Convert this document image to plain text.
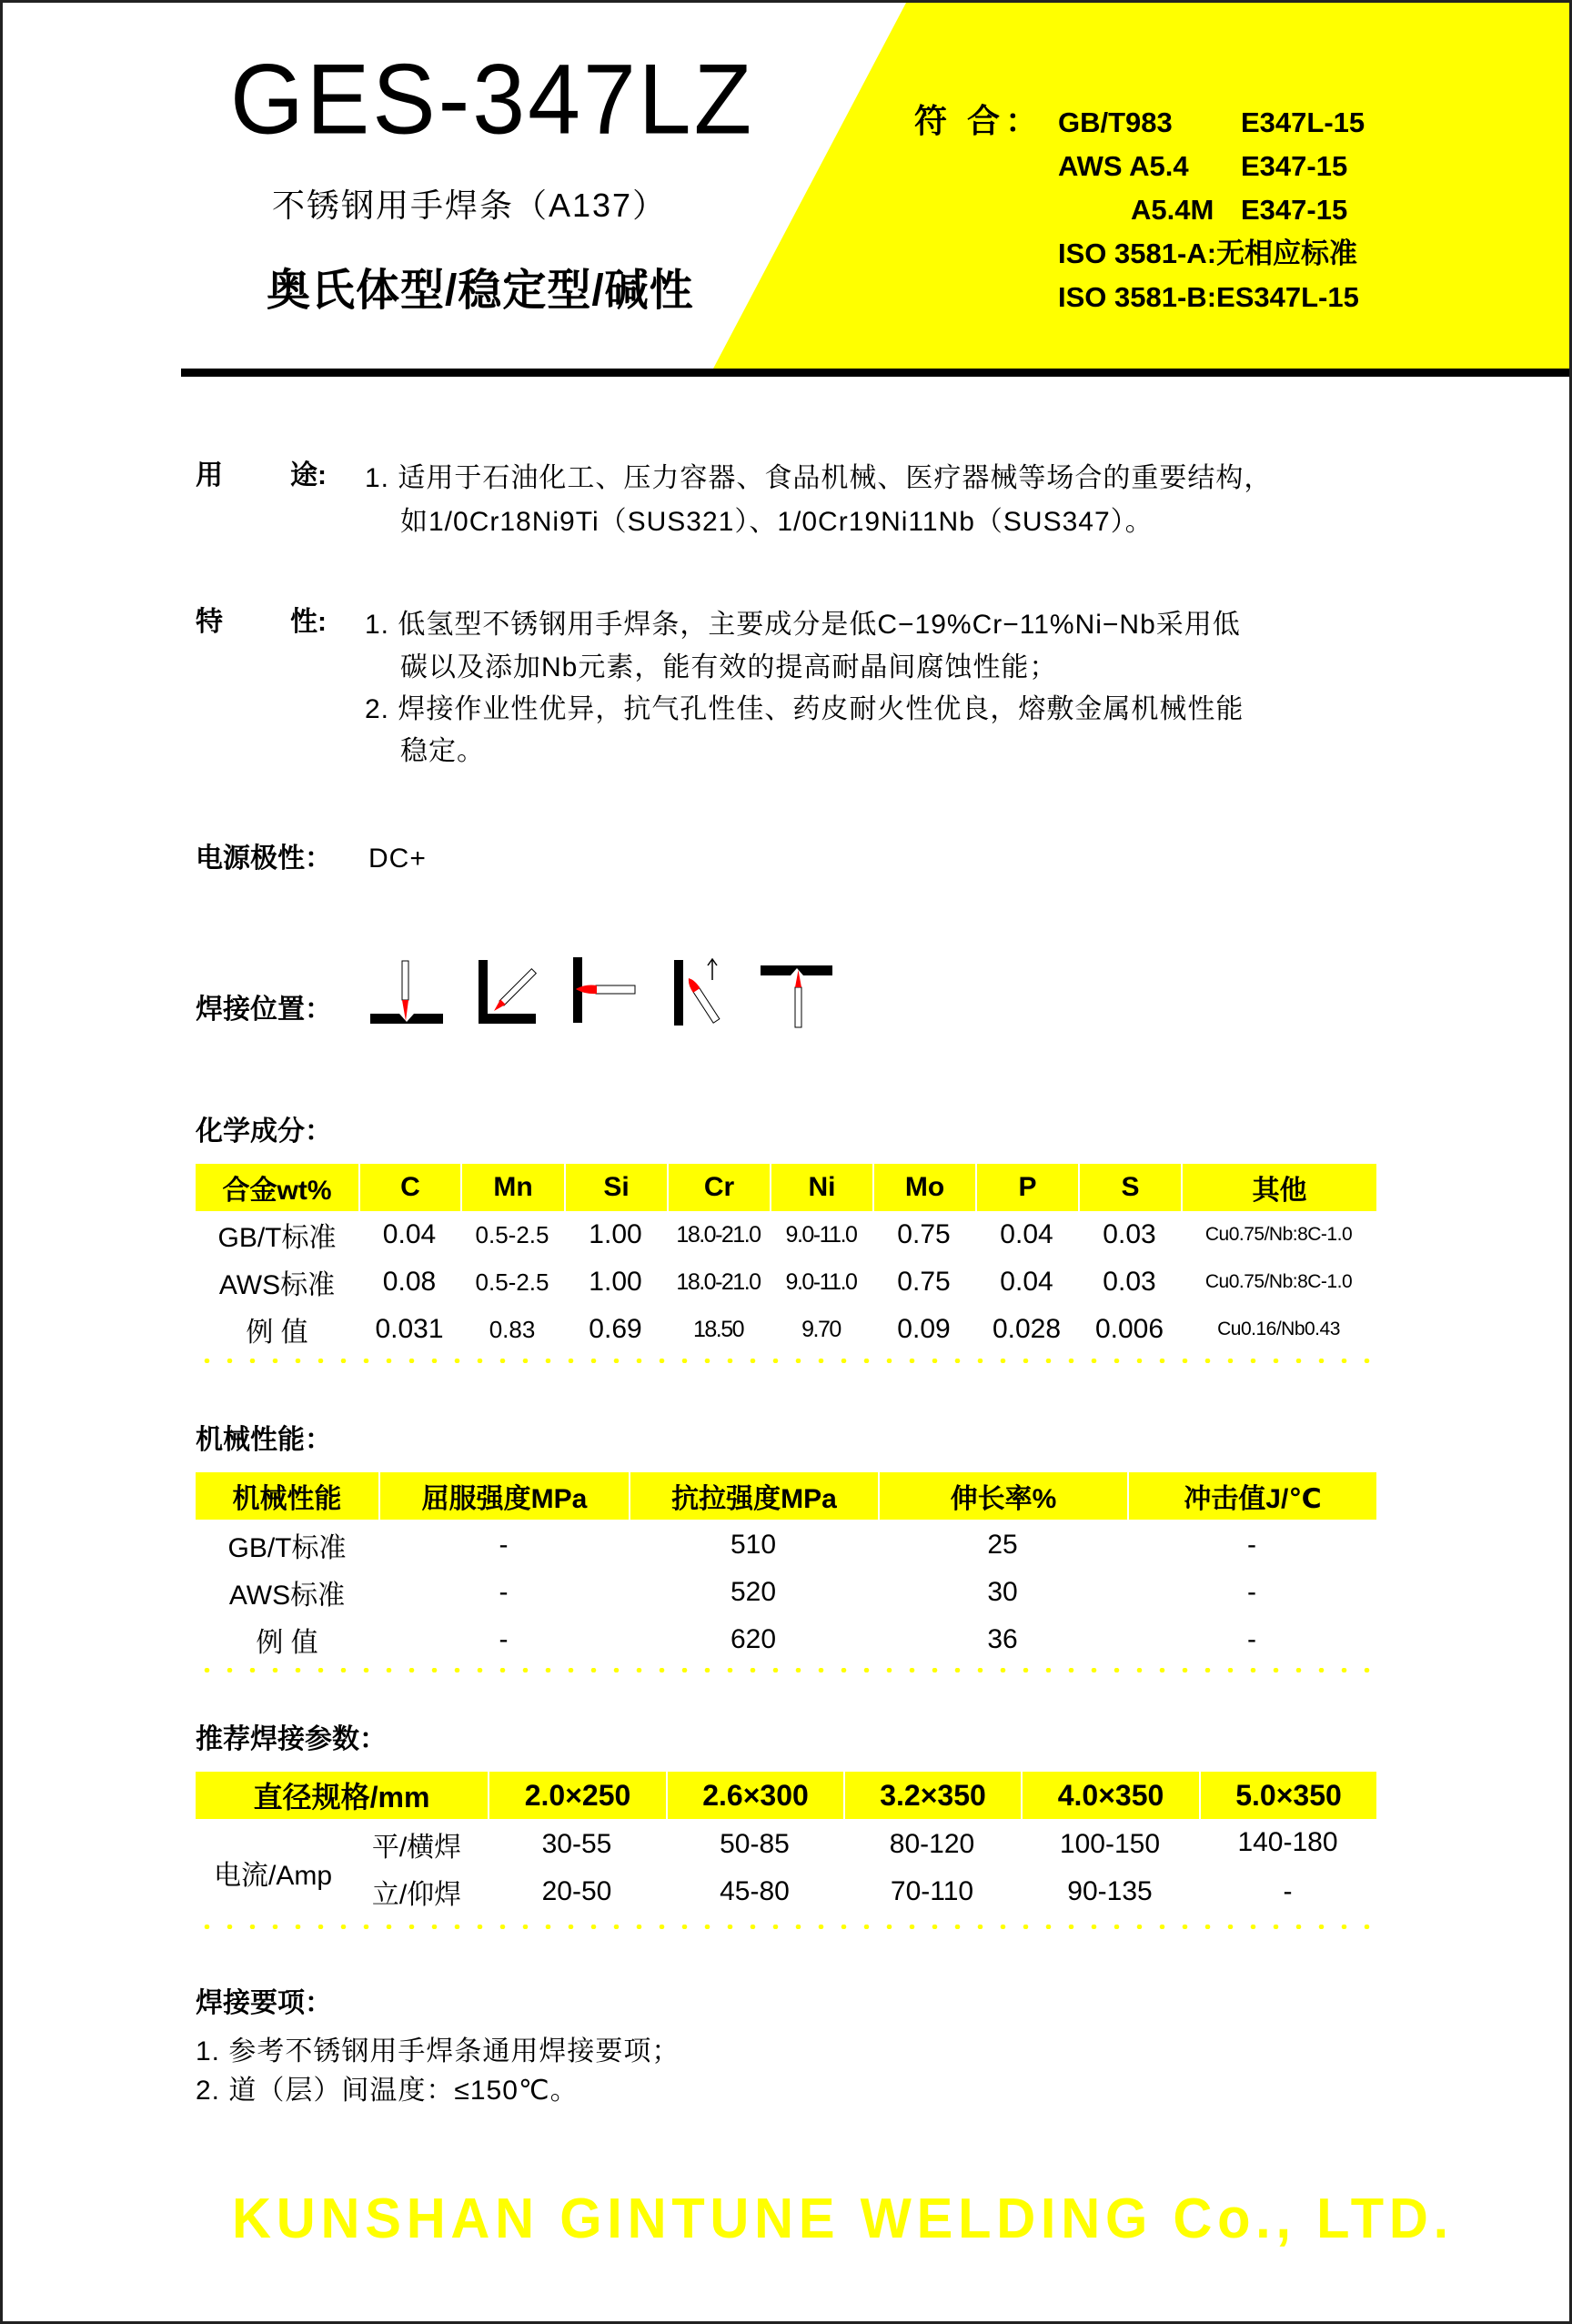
GES-347LZ
不锈钢用手焊条（A137）
奥氏体型/稳定型/碱性
符 合： GB/T983 E347L-15
AWS A5.4 E347-15
A5.4M E347-15
ISO 3581-A:无相应标准
ISO 3581-B:ES347L-15
用 途: 1. 适用于石油化工、压力容器、食品机械、医疗器械等场合的重要结构，
如1/0Cr18Ni9Ti（SUS321）、1/0Cr19Ni11Nb（SUS347）。
特 性: 1. 低氢型不锈钢用手焊条，主要成分是低C−19%Cr−11%Ni−Nb采用低
碳以及添加Nb元素，能有效的提高耐晶间腐蚀性能；
2. 焊接作业性优异，抗气孔性佳、药皮耐火性优良，熔敷金属机械性能
稳定。
电源极性： DC+
焊接位置：
化学成分：
合金wt%	C	Mn	Si	Cr	Ni	Mo	P	S	其他
GB/T标准	0.04	0.5-2.5	1.00	18.0-21.0	9.0-11.0	0.75	0.04	0.03	Cu0.75/Nb:8C-1.0
AWS标准	0.08	0.5-2.5	1.00	18.0-21.0	9.0-11.0	0.75	0.04	0.03	Cu0.75/Nb:8C-1.0
例 值	0.031	0.83	0.69	18.50	9.70	0.09	0.028	0.006	Cu0.16/Nb0.43
机械性能：
机械性能	屈服强度MPa	抗拉强度MPa	伸长率%	冲击值J/℃
GB/T标准	-	510	25	-
AWS标准	-	520	30	-
例 值	-	620	36	-
推荐焊接参数：
直径规格/mm	2.0×250	2.6×300	3.2×350	4.0×350	5.0×350
电流/Amp
平/横焊	30-55	50-85	80-120	100-150	140-180
立/仰焊	20-50	45-80	70-110	90-135	-
焊接要项：
1. 参考不锈钢用手焊条通用焊接要项；
2. 道（层）间温度：≤150℃。
KUNSHAN GINTUNE WELDING Co., LTD.
